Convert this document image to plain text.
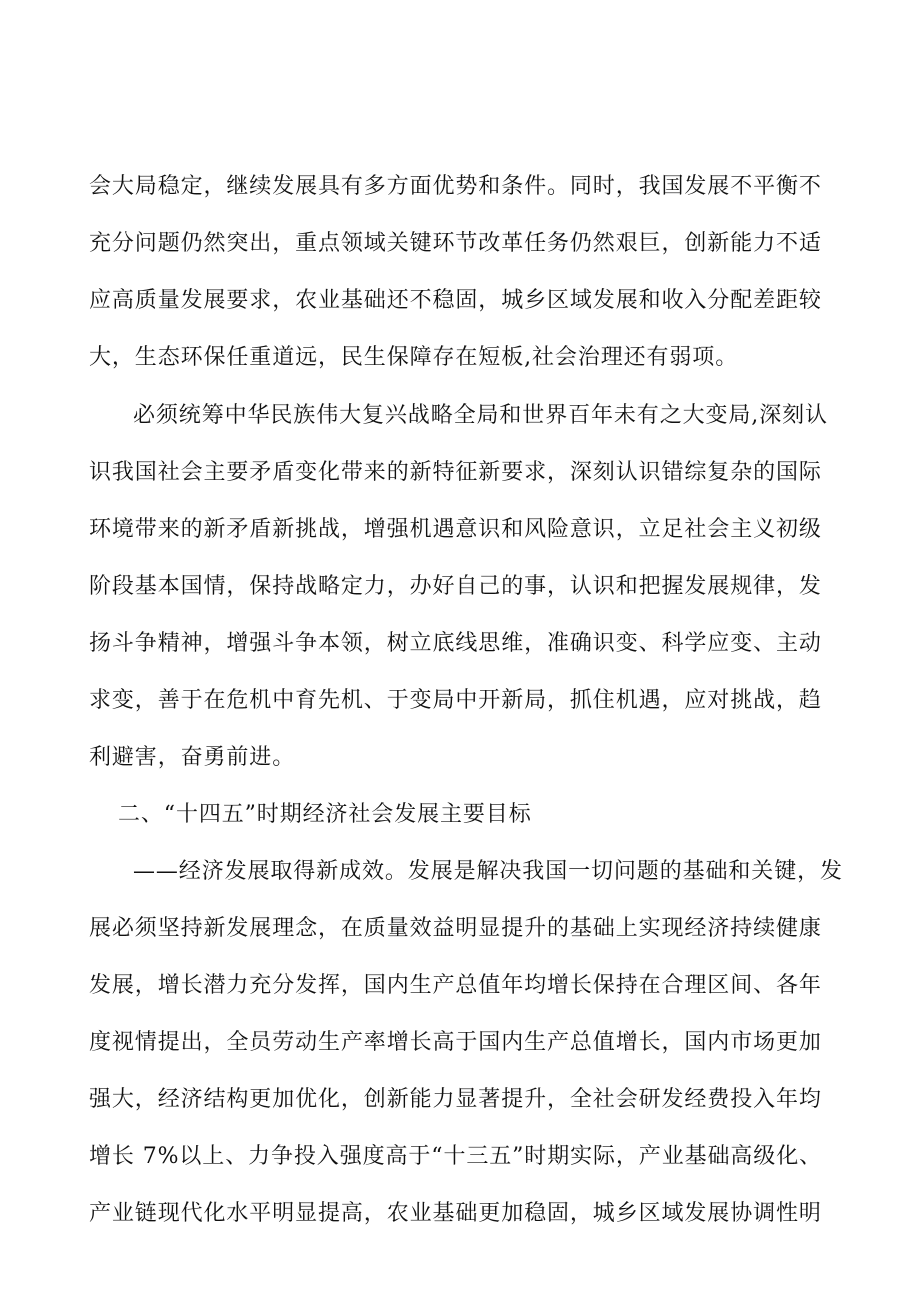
会大局稳定，继续发展具有多方面优势和条件。同时，我国发展不平衡不
充分问题仍然突出，重点领域关键环节改革任务仍然艰巨，创新能力不适
应高质量发展要求，农业基础还不稳固，城乡区域发展和收入分配差距较
大，生态环保任重道远，民生保障存在短板,社会治理还有弱项。
必须统筹中华民族伟大复兴战略全局和世界百年未有之大变局,深刻认
识我国社会主要矛盾变化带来的新特征新要求，深刻认识错综复杂的国际
环境带来的新矛盾新挑战，增强机遇意识和风险意识，立足社会主义初级
阶段基本国情，保持战略定力，办好自己的事，认识和把握发展规律，发
扬斗争精神，增强斗争本领，树立底线思维，准确识变、科学应变、主动
求变，善于在危机中育先机、于变局中开新局，抓住机遇，应对挑战，趋
利避害，奋勇前进。
二、“十四五”时期经济社会发展主要目标
——经济发展取得新成效。发展是解决我国一切问题的基础和关键，发
展必须坚持新发展理念，在质量效益明显提升的基础上实现经济持续健康
发展，增长潜力充分发挥，国内生产总值年均增长保持在合理区间、各年
度视情提出，全员劳动生产率增长高于国内生产总值增长，国内市场更加
强大，经济结构更加优化，创新能力显著提升，全社会研发经费投入年均
增长 7%以上、力争投入强度高于“十三五”时期实际，产业基础高级化、
产业链现代化水平明显提高，农业基础更加稳固，城乡区域发展协调性明
